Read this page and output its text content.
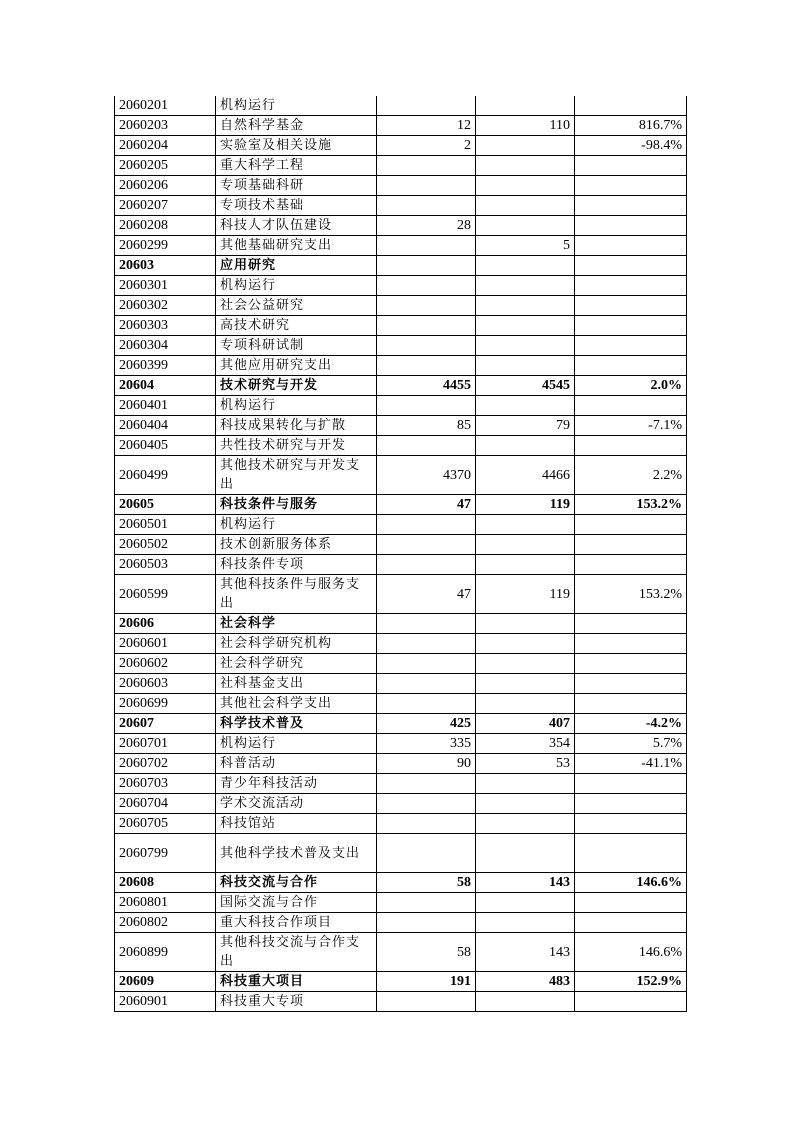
2060201	机构运行			
2060203	自然科学基金	12	110	816.7%
2060204	实验室及相关设施	2		-98.4%
2060205	重大科学工程			
2060206	专项基础科研			
2060207	专项技术基础			
2060208	科技人才队伍建设	28		
2060299	其他基础研究支出		5	
20603	应用研究			
2060301	机构运行			
2060302	社会公益研究			
2060303	高技术研究			
2060304	专项科研试制			
2060399	其他应用研究支出			
20604	技术研究与开发	4455	4545	2.0%
2060401	机构运行			
2060404	科技成果转化与扩散	85	79	-7.1%
2060405	共性技术研究与开发			
2060499	其他技术研究与开发支出	4370	4466	2.2%
20605	科技条件与服务	47	119	153.2%
2060501	机构运行			
2060502	技术创新服务体系			
2060503	科技条件专项			
2060599	其他科技条件与服务支出	47	119	153.2%
20606	社会科学			
2060601	社会科学研究机构			
2060602	社会科学研究			
2060603	社科基金支出			
2060699	其他社会科学支出			
20607	科学技术普及	425	407	-4.2%
2060701	机构运行	335	354	5.7%
2060702	科普活动	90	53	-41.1%
2060703	青少年科技活动			
2060704	学术交流活动			
2060705	科技馆站			
2060799	其他科学技术普及支出			
20608	科技交流与合作	58	143	146.6%
2060801	国际交流与合作			
2060802	重大科技合作项目			
2060899	其他科技交流与合作支出	58	143	146.6%
20609	科技重大项目	191	483	152.9%
2060901	科技重大专项			
